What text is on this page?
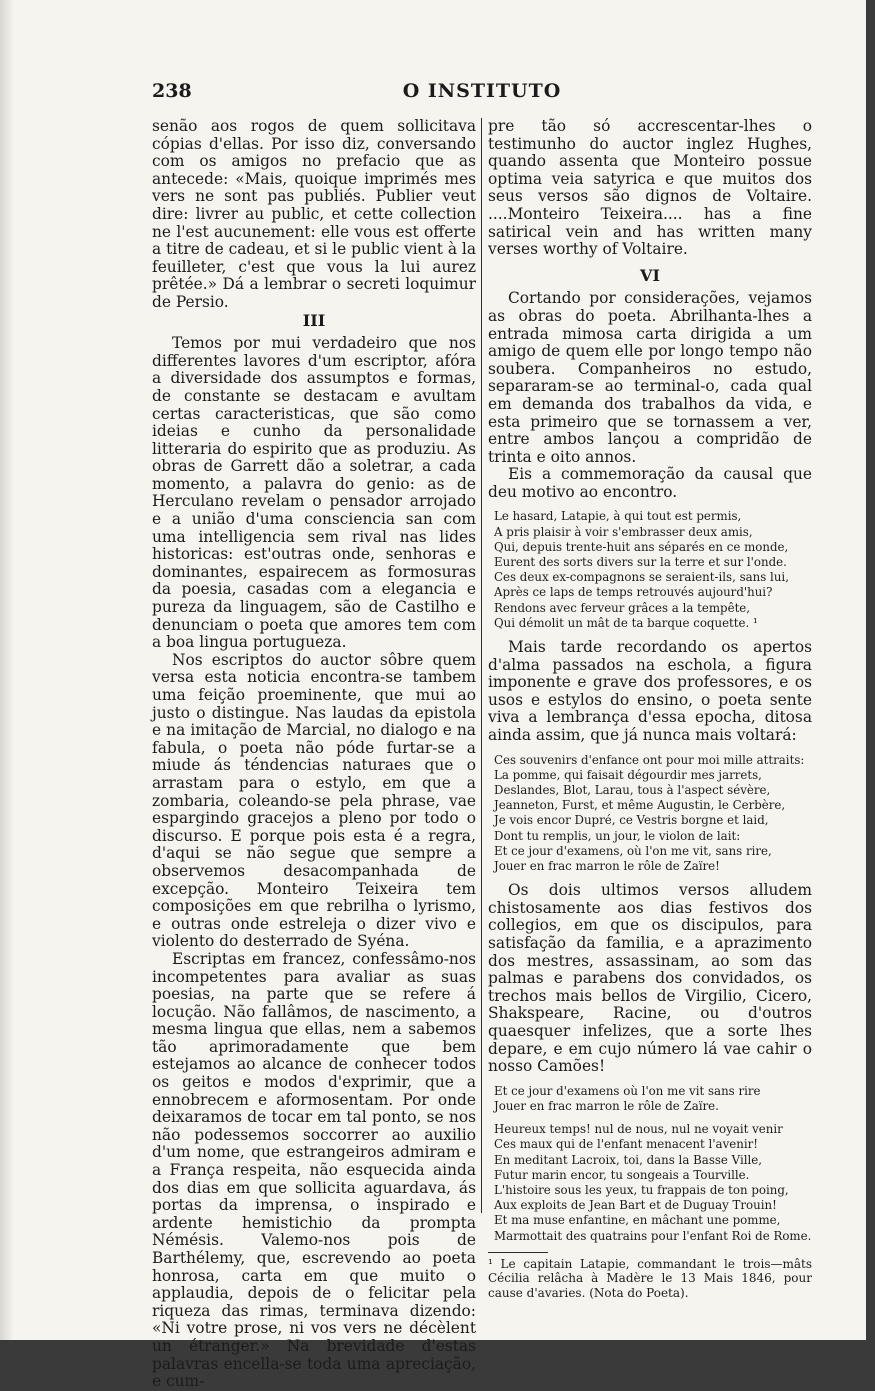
238	O INSTITUTO

senão aos rogos de quem sollicitava cópias d'ellas. Por isso diz, conversando com os amigos no prefacio que as antecede: «Mais, quoique imprimés mes vers ne sont pas publiés. Publier veut dire: livrer au public, et cette collection ne l'est aucunement: elle vous est offerte a titre de cadeau, et si le public vient à la feuilleter, c'est que vous la lui aurez prêtée.» Dá a lembrar o secreti loquimur de Persio.

III

Temos por mui verdadeiro que nos differentes lavores d'um escriptor, afóra a diversidade dos assumptos e formas, de constante se destacam e avultam certas caracteristicas, que são como ideias e cunho da personalidade litteraria do espirito que as produziu. As obras de Garrett dão a soletrar, a cada momento, a palavra do genio: as de Herculano revelam o pensador arrojado e a união d'uma consciencia san com uma intelligencia sem rival nas lides historicas: est'outras onde, senhoras e dominantes, espairecem as formosuras da poesia, casadas com a elegancia e pureza da linguagem, são de Castilho e denunciam o poeta que amores tem com a boa lingua portugueza.

Nos escriptos do auctor sôbre quem versa esta noticia encontra-se tambem uma feição proeminente, que mui ao justo o distingue. Nas laudas da epistola e na imitação de Marcial, no dialogo e na fabula, o poeta não póde furtar-se a miude ás téndencias naturaes que o arrastam para o estylo, em que a zombaria, coleando-se pela phrase, vae espargindo gracejos a pleno por todo o discurso. E porque pois esta é a regra, d'aqui se não segue que sempre a observemos desacompanhada de excepção. Monteiro Teixeira tem composições em que rebrilha o lyrismo, e outras onde estreleja o dizer vivo e violento do desterrado de Syéna.

Escriptas em francez, confessâmo-nos incompetentes para avaliar as suas poesias, na parte que se refere á locução. Não fallâmos, de nascimento, a mesma lingua que ellas, nem a sabemos tão aprimoradamente que bem estejamos ao alcance de conhecer todos os geitos e modos d'exprimir, que a ennobrecem e aformosentam. Por onde deixaramos de tocar em tal ponto, se nos não podessemos soccorrer ao auxilio d'um nome, que estrangeiros admiram e a França respeita, não esquecida ainda dos dias em que sollicita aguardava, ás portas da imprensa, o inspirado e ardente hemistichio da prompta Némésis. Valemo-nos pois de Barthélemy, que, escrevendo ao poeta honrosa, carta em que muito o applaudia, depois de o felicitar pela riqueza das rimas, terminava dizendo: «Ni votre prose, ni vos vers ne décèlent un étranger.» Na brevidade d'estas palavras encella-se toda uma apreciação, e cum-

pre tão só accrescentar-lhes o testimunho do auctor inglez Hughes, quando assenta que Monteiro possue optima veia satyrica e que muitos dos seus versos são dignos de Voltaire. ....Monteiro Teixeira.... has a fine satirical vein and has written many verses worthy of Voltaire.

VI

Cortando por considerações, vejamos as obras do poeta. Abrilhanta-lhes a entrada mimosa carta dirigida a um amigo de quem elle por longo tempo não soubera. Companheiros no estudo, separaram-se ao terminal-o, cada qual em demanda dos trabalhos da vida, e esta primeiro que se tornassem a ver, entre ambos lançou a compridão de trinta e oito annos.

Eis a commemoração da causal que deu motivo ao encontro.

Le hasard, Latapie, à qui tout est permis,
A pris plaisir à voir s'embrasser deux amis,
Qui, depuis trente-huit ans séparés en ce monde,
Eurent des sorts divers sur la terre et sur l'onde.
Ces deux ex-compagnons se seraient-ils, sans lui,
Après ce laps de temps retrouvés aujourd'hui?
Rendons avec ferveur grâces a la tempête,
Qui démolit un mât de ta barque coquette. ¹

Mais tarde recordando os apertos d'alma passados na eschola, a figura imponente e grave dos professores, e os usos e estylos do ensino, o poeta sente viva a lembrança d'essa epocha, ditosa ainda assim, que já nunca mais voltará:

Ces souvenirs d'enfance ont pour moi mille attraits:
La pomme, qui faisait dégourdir mes jarrets,
Deslandes, Blot, Larau, tous à l'aspect sévère,
Jeanneton, Furst, et même Augustin, le Cerbère,
Je vois encor Dupré, ce Vestris borgne et laid,
Dont tu remplis, un jour, le violon de lait:
Et ce jour d'examens, où l'on me vit, sans rire,
Jouer en frac marron le rôle de Zaïre!

Os dois ultimos versos alludem chistosamente aos dias festivos dos collegios, em que os discipulos, para satisfação da familia, e a aprazimento dos mestres, assassinam, ao som das palmas e parabens dos convidados, os trechos mais bellos de Virgilio, Cicero, Shakspeare, Racine, ou d'outros quaesquer infelizes, que a sorte lhes depare, e em cujo número lá vae cahir o nosso Camões!

Et ce jour d'examens où l'on me vit sans rire
Jouer en frac marron le rôle de Zaïre.
Heureux temps! nul de nous, nul ne voyait venir
Ces maux qui de l'enfant menacent l'avenir!
En meditant Lacroix, toi, dans la Basse Ville,
Futur marin encor, tu songeais a Tourville.
L'histoire sous les yeux, tu frappais de ton poing,
Aux exploits de Jean Bart et de Duguay Trouin!
Et ma muse enfantine, en mâchant une pomme,
Marmottait des quatrains pour l'enfant Roi de Rome.

¹ Le capitain Latapie, commandant le trois—mâts Cécilia relâcha à Madère le 13 Mais 1846, pour cause d'avaries. (Nota do Poeta).
